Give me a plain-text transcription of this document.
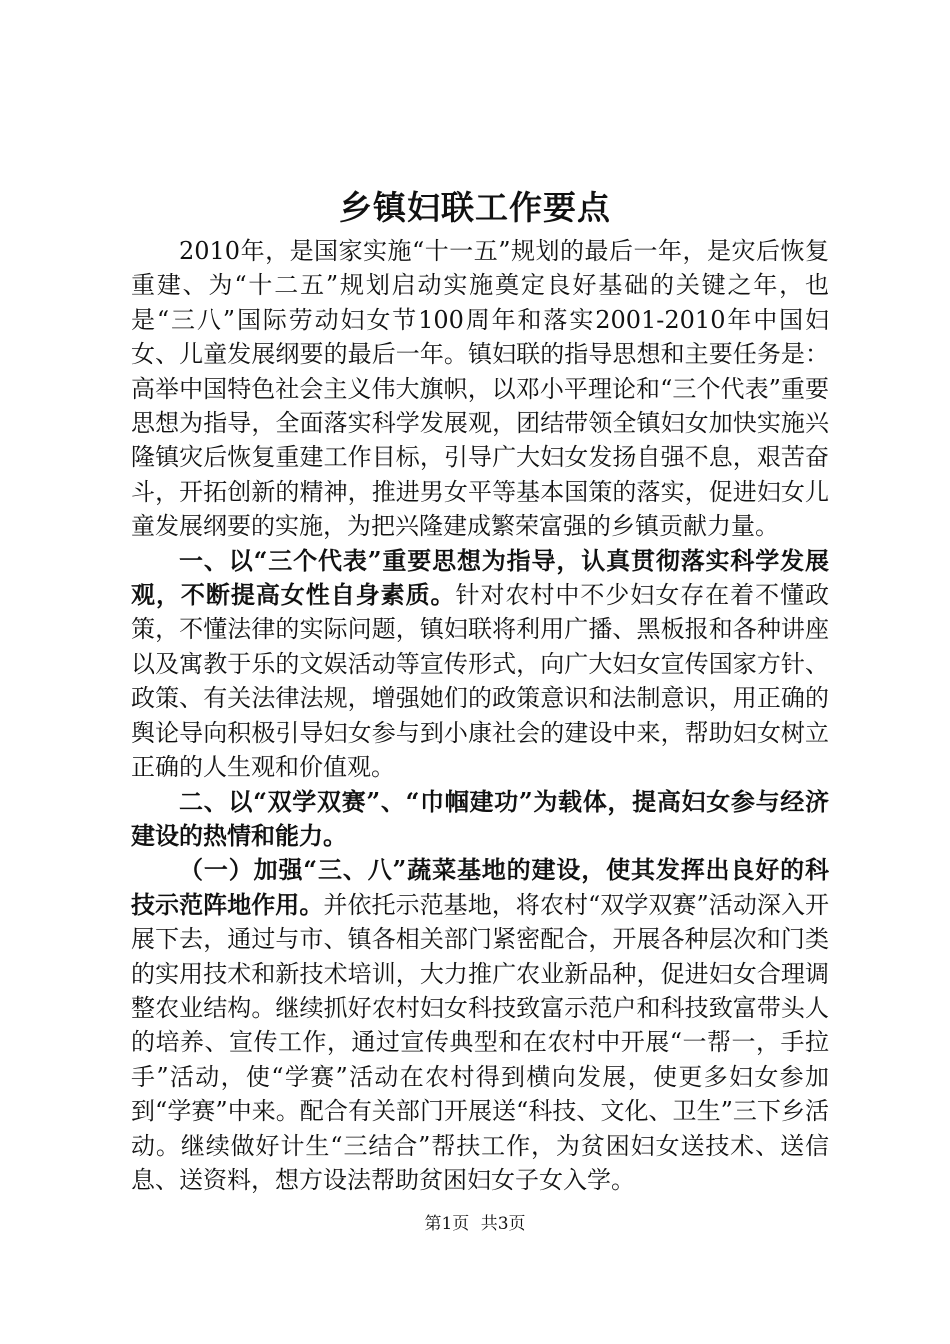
乡镇妇联工作要点

2010年，是国家实施“十一五”规划的最后一年，是灾后恢复重建、为“十二五”规划启动实施奠定良好基础的关键之年，也是“三八”国际劳动妇女节100周年和落实2001-2010年中国妇女、儿童发展纲要的最后一年。镇妇联的指导思想和主要任务是：高举中国特色社会主义伟大旗帜，以邓小平理论和“三个代表”重要思想为指导，全面落实科学发展观，团结带领全镇妇女加快实施兴隆镇灾后恢复重建工作目标，引导广大妇女发扬自强不息，艰苦奋斗，开拓创新的精神，推进男女平等基本国策的落实，促进妇女儿童发展纲要的实施，为把兴隆建成繁荣富强的乡镇贡献力量。

一、以“三个代表”重要思想为指导，认真贯彻落实科学发展观，不断提高女性自身素质。针对农村中不少妇女存在着不懂政策，不懂法律的实际问题，镇妇联将利用广播、黑板报和各种讲座以及寓教于乐的文娱活动等宣传形式，向广大妇女宣传国家方针、政策、有关法律法规，增强她们的政策意识和法制意识，用正确的舆论导向积极引导妇女参与到小康社会的建设中来，帮助妇女树立正确的人生观和价值观。

二、以“双学双赛”、“巾帼建功”为载体，提高妇女参与经济建设的热情和能力。

（一）加强“三、八”蔬菜基地的建设，使其发挥出良好的科技示范阵地作用。并依托示范基地，将农村“双学双赛”活动深入开展下去，通过与市、镇各相关部门紧密配合，开展各种层次和门类的实用技术和新技术培训，大力推广农业新品种，促进妇女合理调整农业结构。继续抓好农村妇女科技致富示范户和科技致富带头人的培养、宣传工作，通过宣传典型和在农村中开展“一帮一，手拉手”活动，使“学赛”活动在农村得到横向发展，使更多妇女参加到“学赛”中来。配合有关部门开展送“科技、文化、卫生”三下乡活动。继续做好计生“三结合”帮扶工作，为贫困妇女送技术、送信息、送资料，想方设法帮助贫困妇女子女入学。

第1页 共3页
